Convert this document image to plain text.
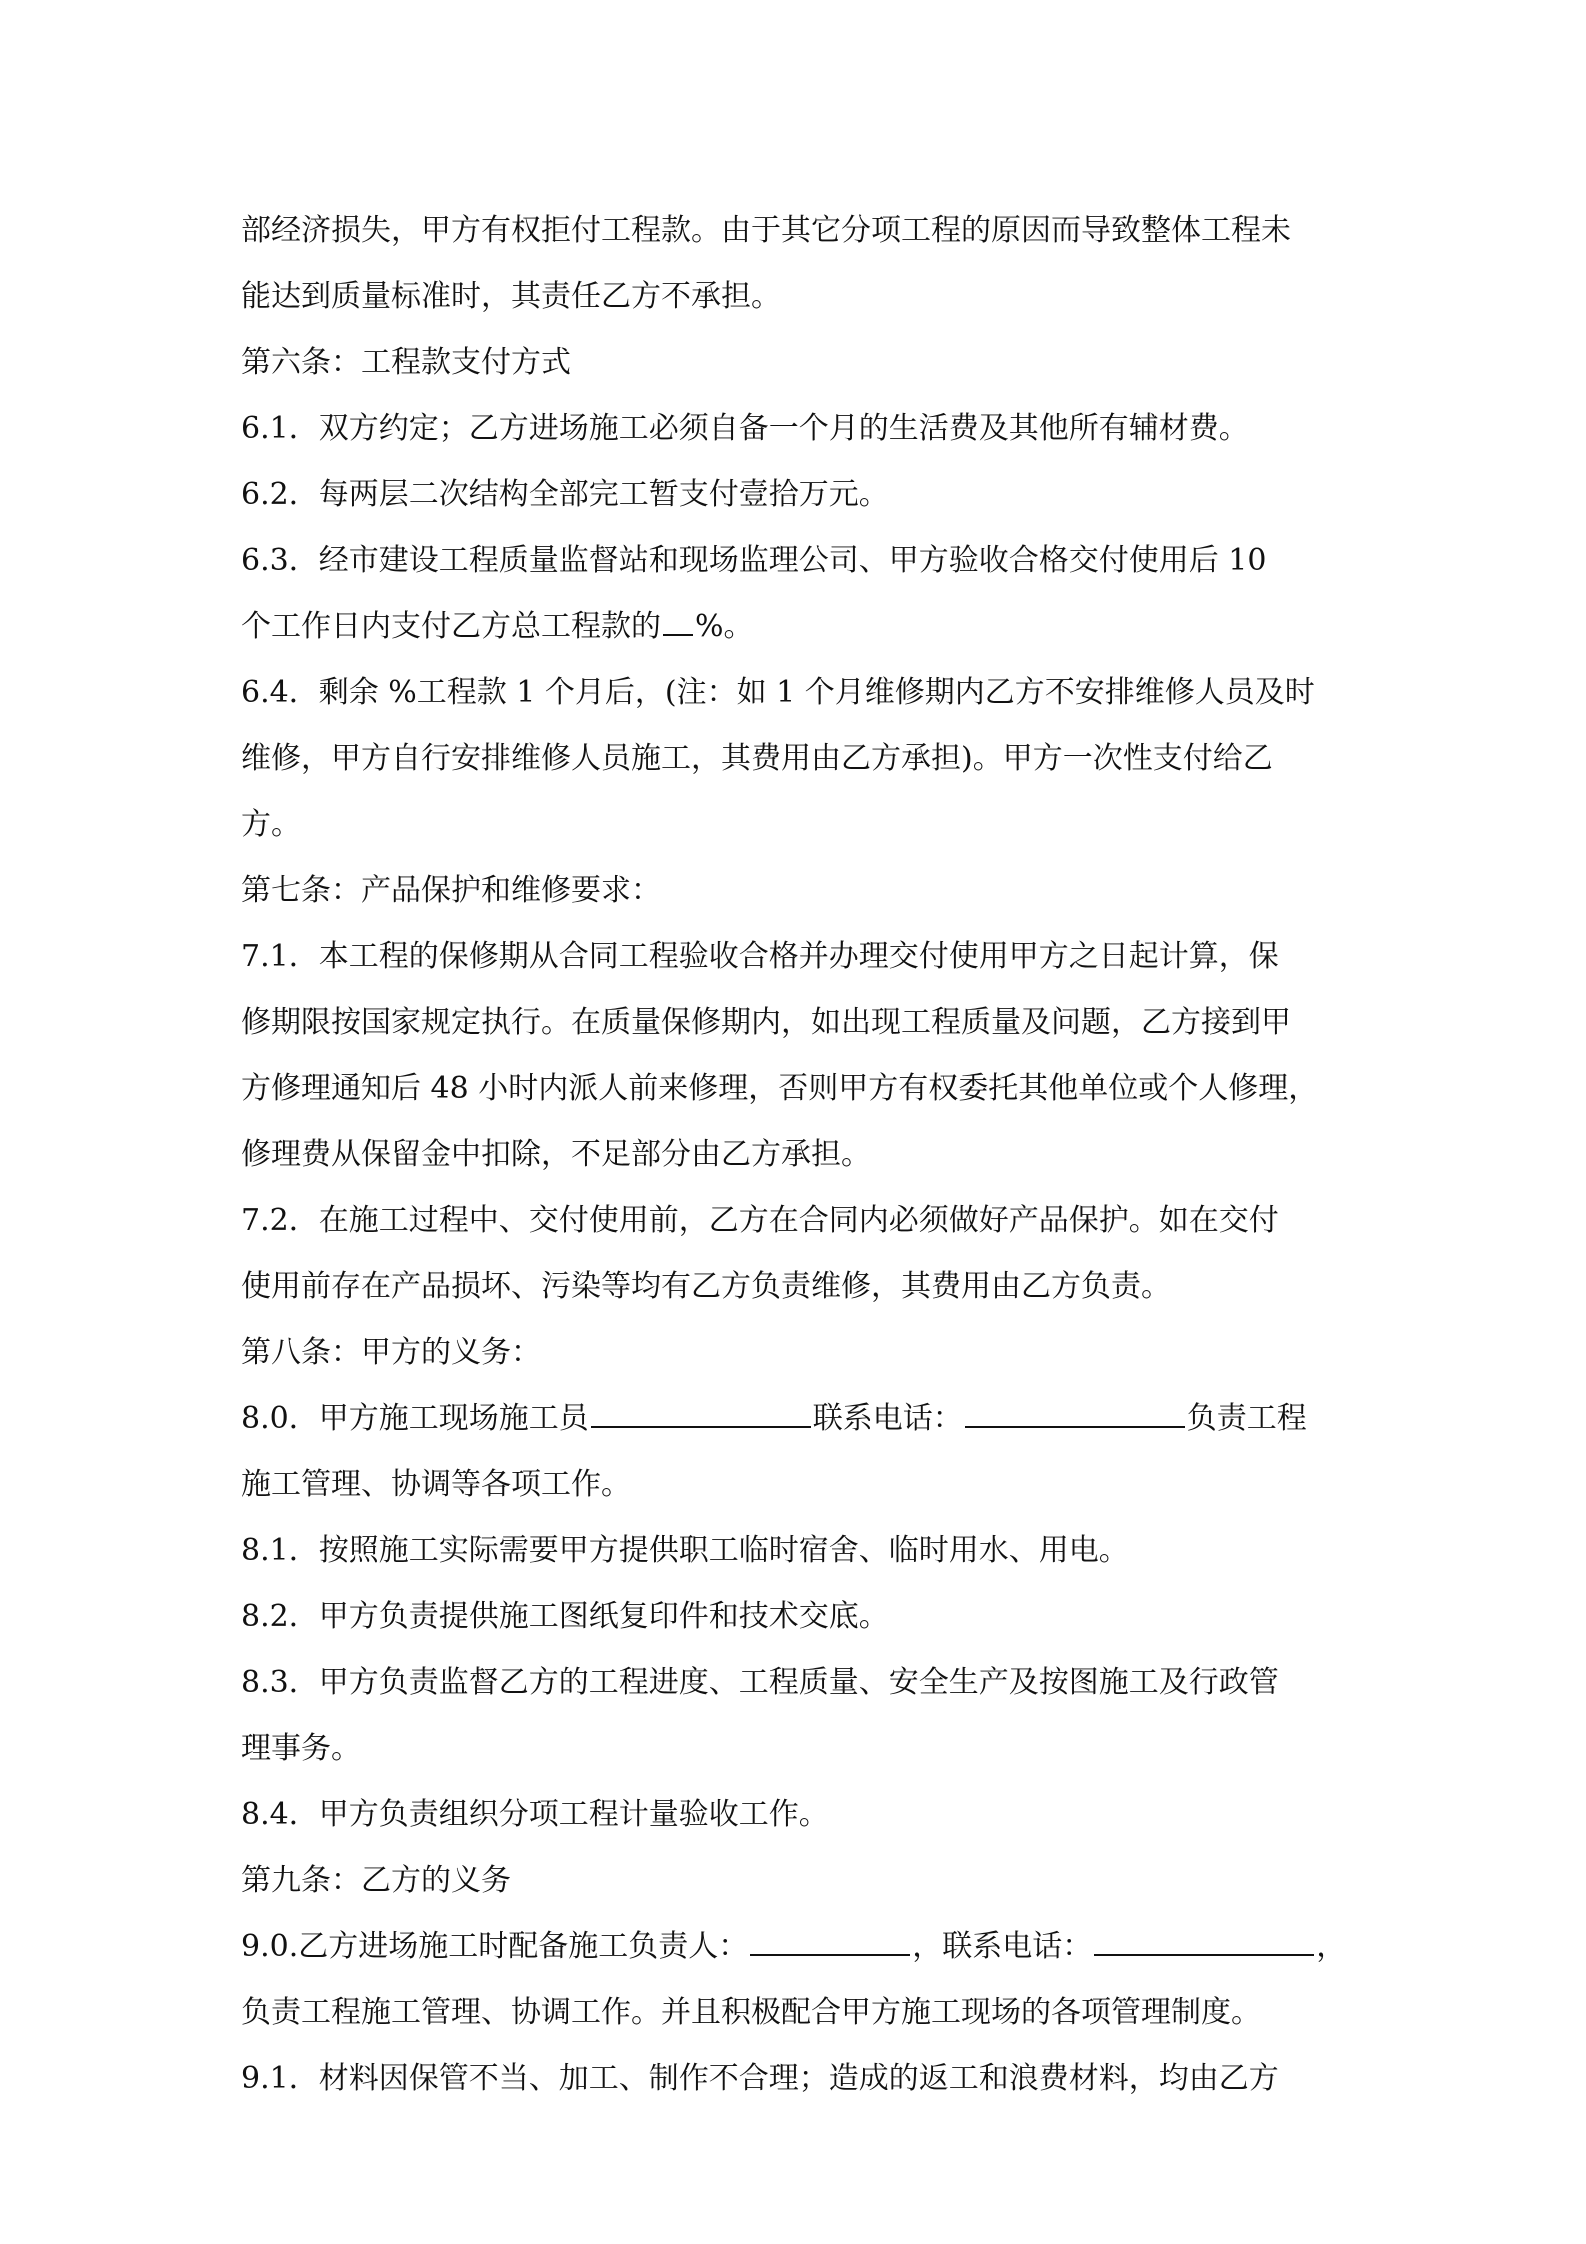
部经济损失，甲方有权拒付工程款。由于其它分项工程的原因而导致整体工程未
能达到质量标准时，其责任乙方不承担。
第六条：工程款支付方式
6.1．双方约定；乙方进场施工必须自备一个月的生活费及其他所有辅材费。
6.2．每两层二次结构全部完工暂支付壹拾万元。
6.3．经市建设工程质量监督站和现场监理公司、甲方验收合格交付使用后 10
个工作日内支付乙方总工程款的 %。
6.4．剩余 %工程款 1 个月后，(注：如 1 个月维修期内乙方不安排维修人员及时
维修，甲方自行安排维修人员施工，其费用由乙方承担)。甲方一次性支付给乙
方。
第七条：产品保护和维修要求：
7.1．本工程的保修期从合同工程验收合格并办理交付使用甲方之日起计算，保
修期限按国家规定执行。在质量保修期内，如出现工程质量及问题，乙方接到甲
方修理通知后 48 小时内派人前来修理，否则甲方有权委托其他单位或个人修理，
修理费从保留金中扣除，不足部分由乙方承担。
7.2．在施工过程中、交付使用前，乙方在合同内必须做好产品保护。如在交付
使用前存在产品损坏、污染等均有乙方负责维修，其费用由乙方负责。
第八条：甲方的义务：
8.0．甲方施工现场施工员	联系电话：	负责工程
施工管理、协调等各项工作。
8.1．按照施工实际需要甲方提供职工临时宿舍、临时用水、用电。
8.2．甲方负责提供施工图纸复印件和技术交底。
8.3．甲方负责监督乙方的工程进度、工程质量、安全生产及按图施工及行政管
理事务。
8.4．甲方负责组织分项工程计量验收工作。
第九条：乙方的义务
9.0.乙方进场施工时配备施工负责人：	，联系电话：	，
负责工程施工管理、协调工作。并且积极配合甲方施工现场的各项管理制度。
9.1．材料因保管不当、加工、制作不合理；造成的返工和浪费材料，均由乙方
